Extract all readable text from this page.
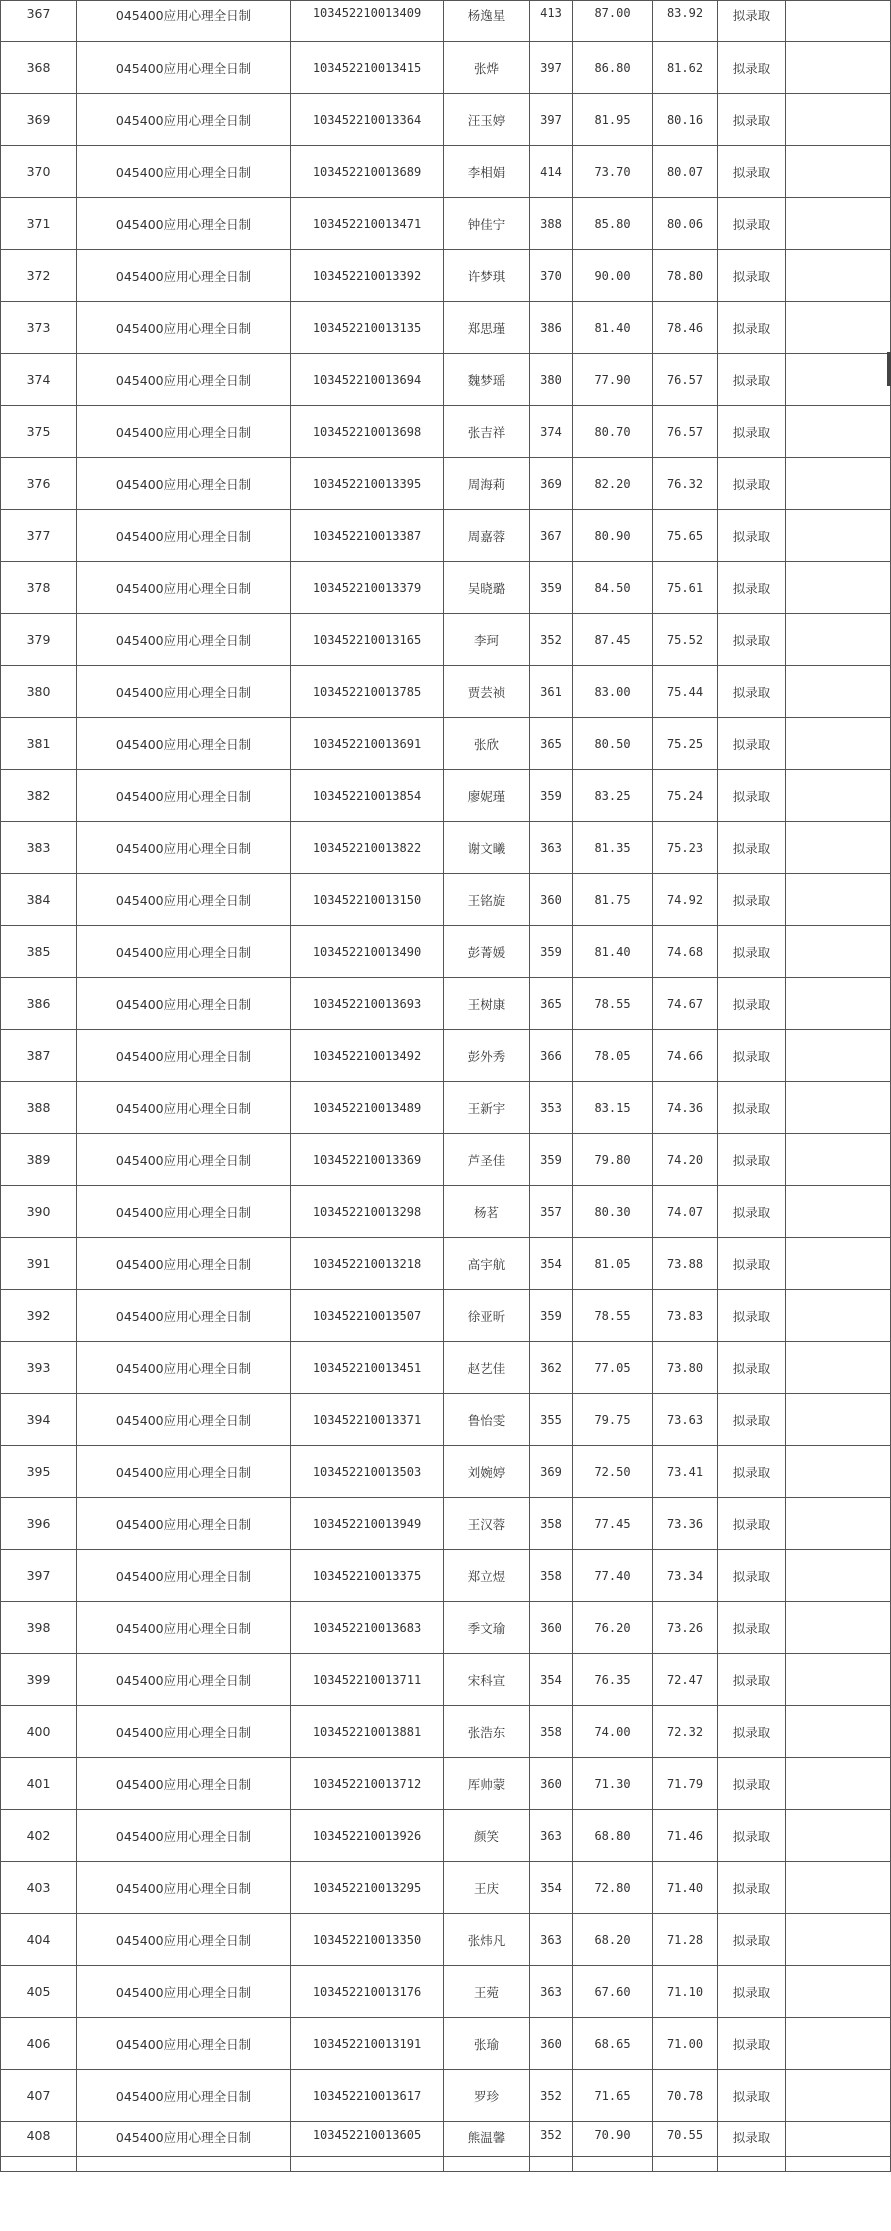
367	045400应用心理全日制	103452210013409	杨逸星	413	87.00	83.92	拟录取	
368	045400应用心理全日制	103452210013415	张烨	397	86.80	81.62	拟录取	
369	045400应用心理全日制	103452210013364	汪玉婷	397	81.95	80.16	拟录取	
370	045400应用心理全日制	103452210013689	李相娟	414	73.70	80.07	拟录取	
371	045400应用心理全日制	103452210013471	钟佳宁	388	85.80	80.06	拟录取	
372	045400应用心理全日制	103452210013392	许梦琪	370	90.00	78.80	拟录取	
373	045400应用心理全日制	103452210013135	郑思瑾	386	81.40	78.46	拟录取	
374	045400应用心理全日制	103452210013694	魏梦瑶	380	77.90	76.57	拟录取	
375	045400应用心理全日制	103452210013698	张吉祥	374	80.70	76.57	拟录取	
376	045400应用心理全日制	103452210013395	周海莉	369	82.20	76.32	拟录取	
377	045400应用心理全日制	103452210013387	周嘉蓉	367	80.90	75.65	拟录取	
378	045400应用心理全日制	103452210013379	吴晓璐	359	84.50	75.61	拟录取	
379	045400应用心理全日制	103452210013165	李珂	352	87.45	75.52	拟录取	
380	045400应用心理全日制	103452210013785	贾芸祯	361	83.00	75.44	拟录取	
381	045400应用心理全日制	103452210013691	张欣	365	80.50	75.25	拟录取	
382	045400应用心理全日制	103452210013854	廖妮瑾	359	83.25	75.24	拟录取	
383	045400应用心理全日制	103452210013822	谢文曦	363	81.35	75.23	拟录取	
384	045400应用心理全日制	103452210013150	王铭旋	360	81.75	74.92	拟录取	
385	045400应用心理全日制	103452210013490	彭菁媛	359	81.40	74.68	拟录取	
386	045400应用心理全日制	103452210013693	王树康	365	78.55	74.67	拟录取	
387	045400应用心理全日制	103452210013492	彭外秀	366	78.05	74.66	拟录取	
388	045400应用心理全日制	103452210013489	王新宇	353	83.15	74.36	拟录取	
389	045400应用心理全日制	103452210013369	芦圣佳	359	79.80	74.20	拟录取	
390	045400应用心理全日制	103452210013298	杨茗	357	80.30	74.07	拟录取	
391	045400应用心理全日制	103452210013218	高宇航	354	81.05	73.88	拟录取	
392	045400应用心理全日制	103452210013507	徐亚昕	359	78.55	73.83	拟录取	
393	045400应用心理全日制	103452210013451	赵艺佳	362	77.05	73.80	拟录取	
394	045400应用心理全日制	103452210013371	鲁怡雯	355	79.75	73.63	拟录取	
395	045400应用心理全日制	103452210013503	刘婉婷	369	72.50	73.41	拟录取	
396	045400应用心理全日制	103452210013949	王汉蓉	358	77.45	73.36	拟录取	
397	045400应用心理全日制	103452210013375	郑立煜	358	77.40	73.34	拟录取	
398	045400应用心理全日制	103452210013683	季文瑜	360	76.20	73.26	拟录取	
399	045400应用心理全日制	103452210013711	宋科宣	354	76.35	72.47	拟录取	
400	045400应用心理全日制	103452210013881	张浩东	358	74.00	72.32	拟录取	
401	045400应用心理全日制	103452210013712	厍帅蒙	360	71.30	71.79	拟录取	
402	045400应用心理全日制	103452210013926	颜笑	363	68.80	71.46	拟录取	
403	045400应用心理全日制	103452210013295	王庆	354	72.80	71.40	拟录取	
404	045400应用心理全日制	103452210013350	张炜凡	363	68.20	71.28	拟录取	
405	045400应用心理全日制	103452210013176	王菀	363	67.60	71.10	拟录取	
406	045400应用心理全日制	103452210013191	张瑜	360	68.65	71.00	拟录取	
407	045400应用心理全日制	103452210013617	罗珍	352	71.65	70.78	拟录取	
408	045400应用心理全日制	103452210013605	熊温馨	352	70.90	70.55	拟录取	
